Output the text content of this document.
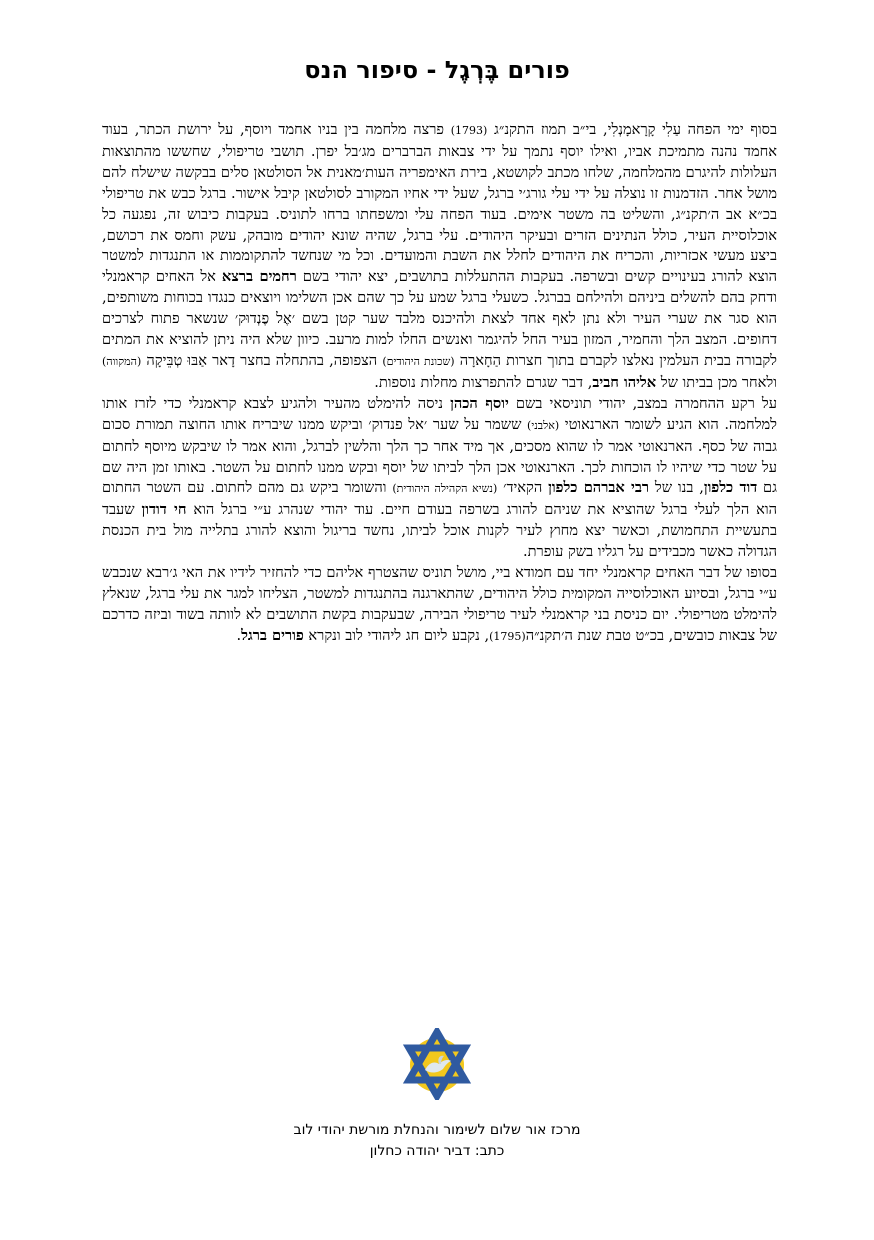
פורים בֶּרְגֶל - סיפור הנס

בסוף ימי הפחה עַלִי קָרָאמָנְלִי, בי״ב תמוז התקנ״ג (1793) פרצה מלחמה בין בניו אחמד ויוסף, על ירושת הכתר, בעוד אחמד נהנה מתמיכת אביו, ואילו יוסף נתמך על ידי צבאות הברברים מג׳בל יפרן. תושבי טריפולי, שחששו מהתוצאות העלולות להיגרם מהמלחמה, שלחו מכתב לקושטא, בירת האימפריה העות׳מאנית אל הסולטאן סלים בבקשה שישלח להם מושל אחר. הזדמנות זו נוצלה על ידי עלי גורג׳י ברגל, שעל ידי אחיו המקורב לסולטאן קיבל אישור. ברגל כבש את טריפולי בכ״א אב ה׳תקנ״ג, והשליט בה משטר אימים. בעוד הפחה עלי ומשפחתו ברחו לתוניס. בעקבות כיבוש זה, נפגעה כל אוכלוסיית העיר, כולל הנתינים הזרים ובעיקר היהודים. עלי ברגל, שהיה שונא יהודים מובהק, עשק וחמס את רכושם, ביצע מעשי אכזריות, והכריח את היהודים לחלל את השבת והמועדים. וכל מי שנחשד להתקוממות או התנגדות למשטר הוצא להורג בעינויים קשים ובשרפה. בעקבות ההתעללות בתושבים, יצא יהודי בשם רחמים ברצא אל האחים קראמנלי ודחק בהם להשלים ביניהם ולהילחם בברגל. כשעלי ברגל שמע על כך שהם אכן השלימו ויוצאים כנגדו בכוחות משותפים, הוא סגר את שערי העיר ולא נתן לאף אחד לצאת ולהיכנס מלבד שער קטן בשם ׳אֶל פֶנְדוּק׳ שנשאר פתוח לצרכים דחופים. המצב הלך והחמיר, המזון בעיר החל להיגמר ואנשים החלו למות מרעב. כיוון שלא היה ניתן להוציא את המתים לקבורה בבית העלמין נאלצו לקברם בתוך חצרות הַחָארָה (שכונת היהודים) הצפופה, בהתחלה בחצר דָאר אַבּוּ טְבֵּיקָה (המקווה) ולאחר מכן בביתו של אליהו חביב, דבר שגרם להתפרצות מחלות נוספות.

על רקע ההחמרה במצב, יהודי תוניסאי בשם יוסף הכהן ניסה להימלט מהעיר ולהגיע לצבא קראמנלי כדי לזרז אותו למלחמה. הוא הגיע לשומר הארנאוטי (אלבני) ששמר על שער ׳אל פנדוק׳ וביקש ממנו שיבריח אותו החוצה תמורת סכום גבוה של כסף. הארנאוטי אמר לו שהוא מסכים, אך מיד אחר כך הלך והלשין לברגל, והוא אמר לו שיבקש מיוסף לחתום על שטר כדי שיהיו לו הוכחות לכך. הארנאוטי אכן הלך לביתו של יוסף ובקש ממנו לחתום על השטר. באותו זמן היה שם גם דוד כלפון, בנו של רבי אברהם כלפון הקאיד׳ (נשיא הקהילה היהודית) והשומר ביקש גם מהם לחתום. עם השטר החתום הוא הלך לעלי ברגל שהוציא את שניהם להורג בשרפה בעודם חיים. עוד יהודי שנהרג ע״י ברגל הוא חי דודון שעבד בתעשיית התחמושת, וכאשר יצא מחוץ לעיר לקנות אוכל לביתו, נחשד בריגול והוצא להורג בתלייה מול בית הכנסת הגדולה כאשר מכבידים על רגליו בשק עופרת.

בסופו של דבר האחים קראמנלי יחד עם חמודא ביי, מושל תוניס שהצטרף אליהם כדי להחזיר לידיו את האי ג׳רבא שנכבש ע״י ברגל, ובסיוע האוכלוסייה המקומית כולל היהודים, שהתארגנה בהתנגדות למשטר, הצליחו למגר את עלי ברגל, שנאלץ להימלט מטריפולי. יום כניסת בני קראמנלי לעיר טריפולי הבירה, שבעקבות בקשת התושבים לא לוותה בשוד וביזה כדרכם של צבאות כובשים, בכ״ט טבת שנת ה׳תקנ״ה(1795), נקבע ליום חג ליהודי לוב ונקרא פורים ברגל.

מרכז אור שלום לשימור והנחלת מורשת יהודי לוב
כתב: דביר יהודה כחלון
